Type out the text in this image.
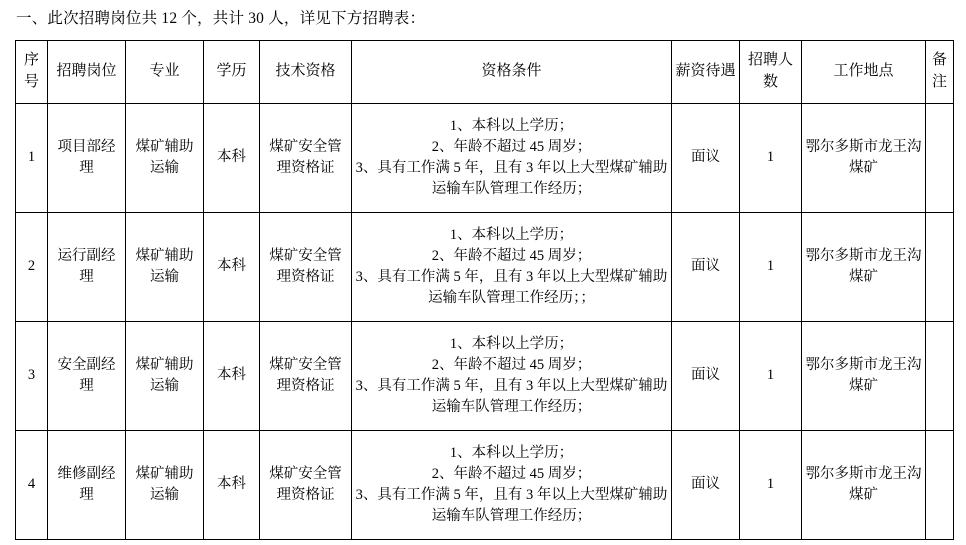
一、此次招聘岗位共 12 个，共计 30 人，详见下方招聘表：
序号	招聘岗位	专业	学历	技术资格	资格条件	薪资待遇	招聘人数	工作地点	备注
1	项目部经理	煤矿辅助运输	本科	煤矿安全管理资格证	1、本科以上学历；
2、年龄不超过 45 周岁；
3、具有工作满 5 年，且有 3 年以上大型煤矿辅助运输车队管理工作经历；	面议	1	鄂尔多斯市龙王沟煤矿	
2	运行副经理	煤矿辅助运输	本科	煤矿安全管理资格证	1、本科以上学历；
2、年龄不超过 45 周岁；
3、具有工作满 5 年，且有 3 年以上大型煤矿辅助运输车队管理工作经历；；	面议	1	鄂尔多斯市龙王沟煤矿	
3	安全副经理	煤矿辅助运输	本科	煤矿安全管理资格证	1、本科以上学历；
2、年龄不超过 45 周岁；
3、具有工作满 5 年，且有 3 年以上大型煤矿辅助运输车队管理工作经历；	面议	1	鄂尔多斯市龙王沟煤矿	
4	维修副经理	煤矿辅助运输	本科	煤矿安全管理资格证	1、本科以上学历；
2、年龄不超过 45 周岁；
3、具有工作满 5 年，且有 3 年以上大型煤矿辅助运输车队管理工作经历；	面议	1	鄂尔多斯市龙王沟煤矿	
